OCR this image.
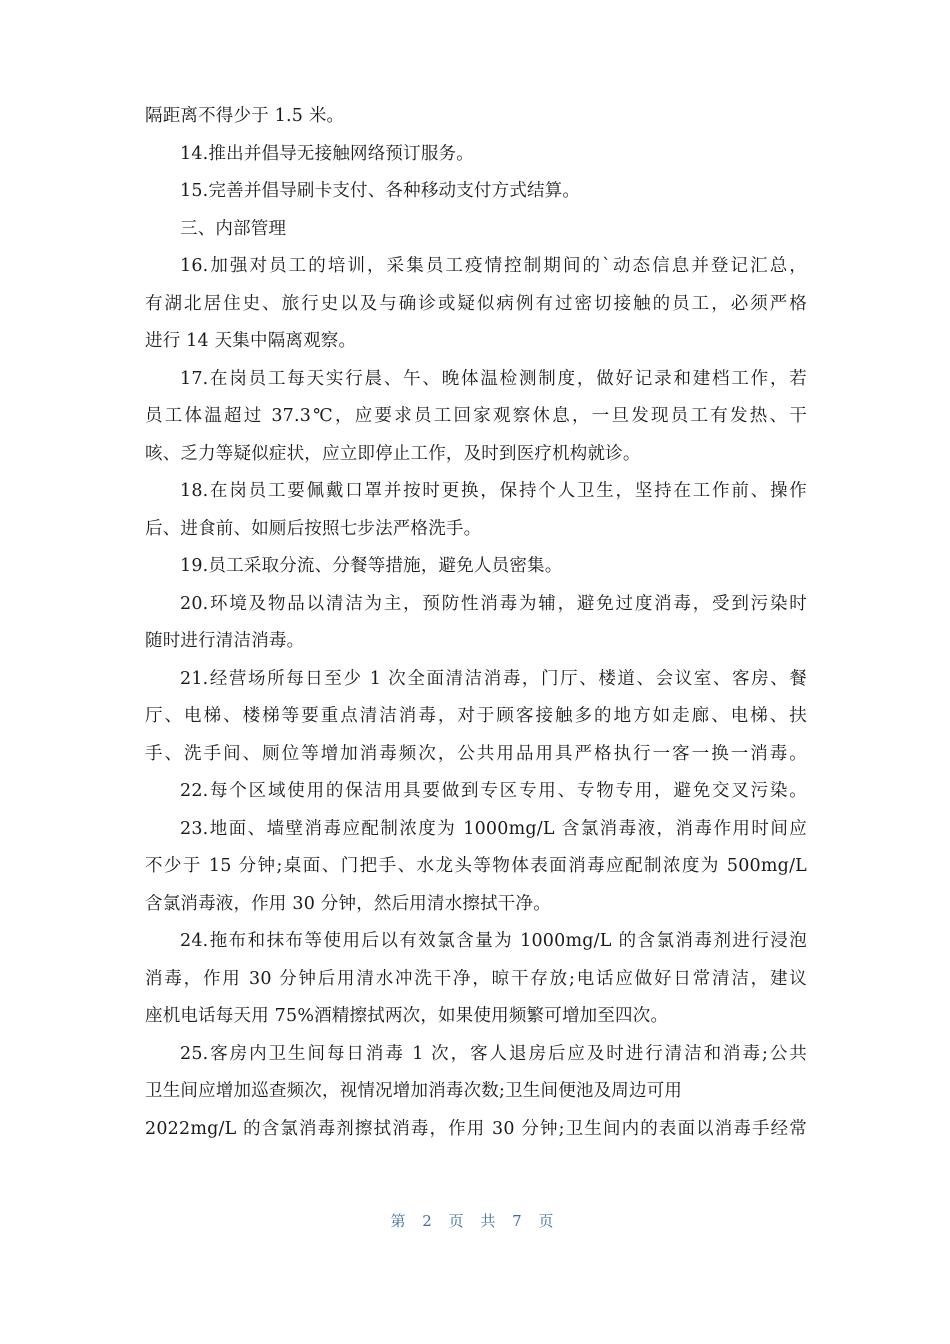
隔距离不得少于 1.5 米。
14.推出并倡导无接触网络预订服务。
15.完善并倡导刷卡支付、各种移动支付方式结算。
三、内部管理
16.加强对员工的培训，采集员工疫情控制期间的`动态信息并登记汇总，
有湖北居住史、旅行史以及与确诊或疑似病例有过密切接触的员工，必须严格
进行 14 天集中隔离观察。
17.在岗员工每天实行晨、午、晚体温检测制度，做好记录和建档工作，若
员工体温超过 37.3℃，应要求员工回家观察休息，一旦发现员工有发热、干
咳、乏力等疑似症状，应立即停止工作，及时到医疗机构就诊。
18.在岗员工要佩戴口罩并按时更换，保持个人卫生，坚持在工作前、操作
后、进食前、如厕后按照七步法严格洗手。
19.员工采取分流、分餐等措施，避免人员密集。
20.环境及物品以清洁为主，预防性消毒为辅，避免过度消毒，受到污染时
随时进行清洁消毒。
21.经营场所每日至少 1 次全面清洁消毒，门厅、楼道、会议室、客房、餐
厅、电梯、楼梯等要重点清洁消毒，对于顾客接触多的地方如走廊、电梯、扶
手、洗手间、厕位等增加消毒频次，公共用品用具严格执行一客一换一消毒。
22.每个区域使用的保洁用具要做到专区专用、专物专用，避免交叉污染。
23.地面、墙壁消毒应配制浓度为 1000mg/L 含氯消毒液，消毒作用时间应
不少于 15 分钟;桌面、门把手、水龙头等物体表面消毒应配制浓度为 500mg/L
含氯消毒液，作用 30 分钟，然后用清水擦拭干净。
24.拖布和抹布等使用后以有效氯含量为 1000mg/L 的含氯消毒剂进行浸泡
消毒，作用 30 分钟后用清水冲洗干净，晾干存放;电话应做好日常清洁，建议
座机电话每天用 75%酒精擦拭两次，如果使用频繁可增加至四次。
25.客房内卫生间每日消毒 1 次，客人退房后应及时进行清洁和消毒;公共
卫生间应增加巡查频次，视情况增加消毒次数;卫生间便池及周边可用
2022mg/L 的含氯消毒剂擦拭消毒，作用 30 分钟;卫生间内的表面以消毒手经常
第 2 页 共 7 页
